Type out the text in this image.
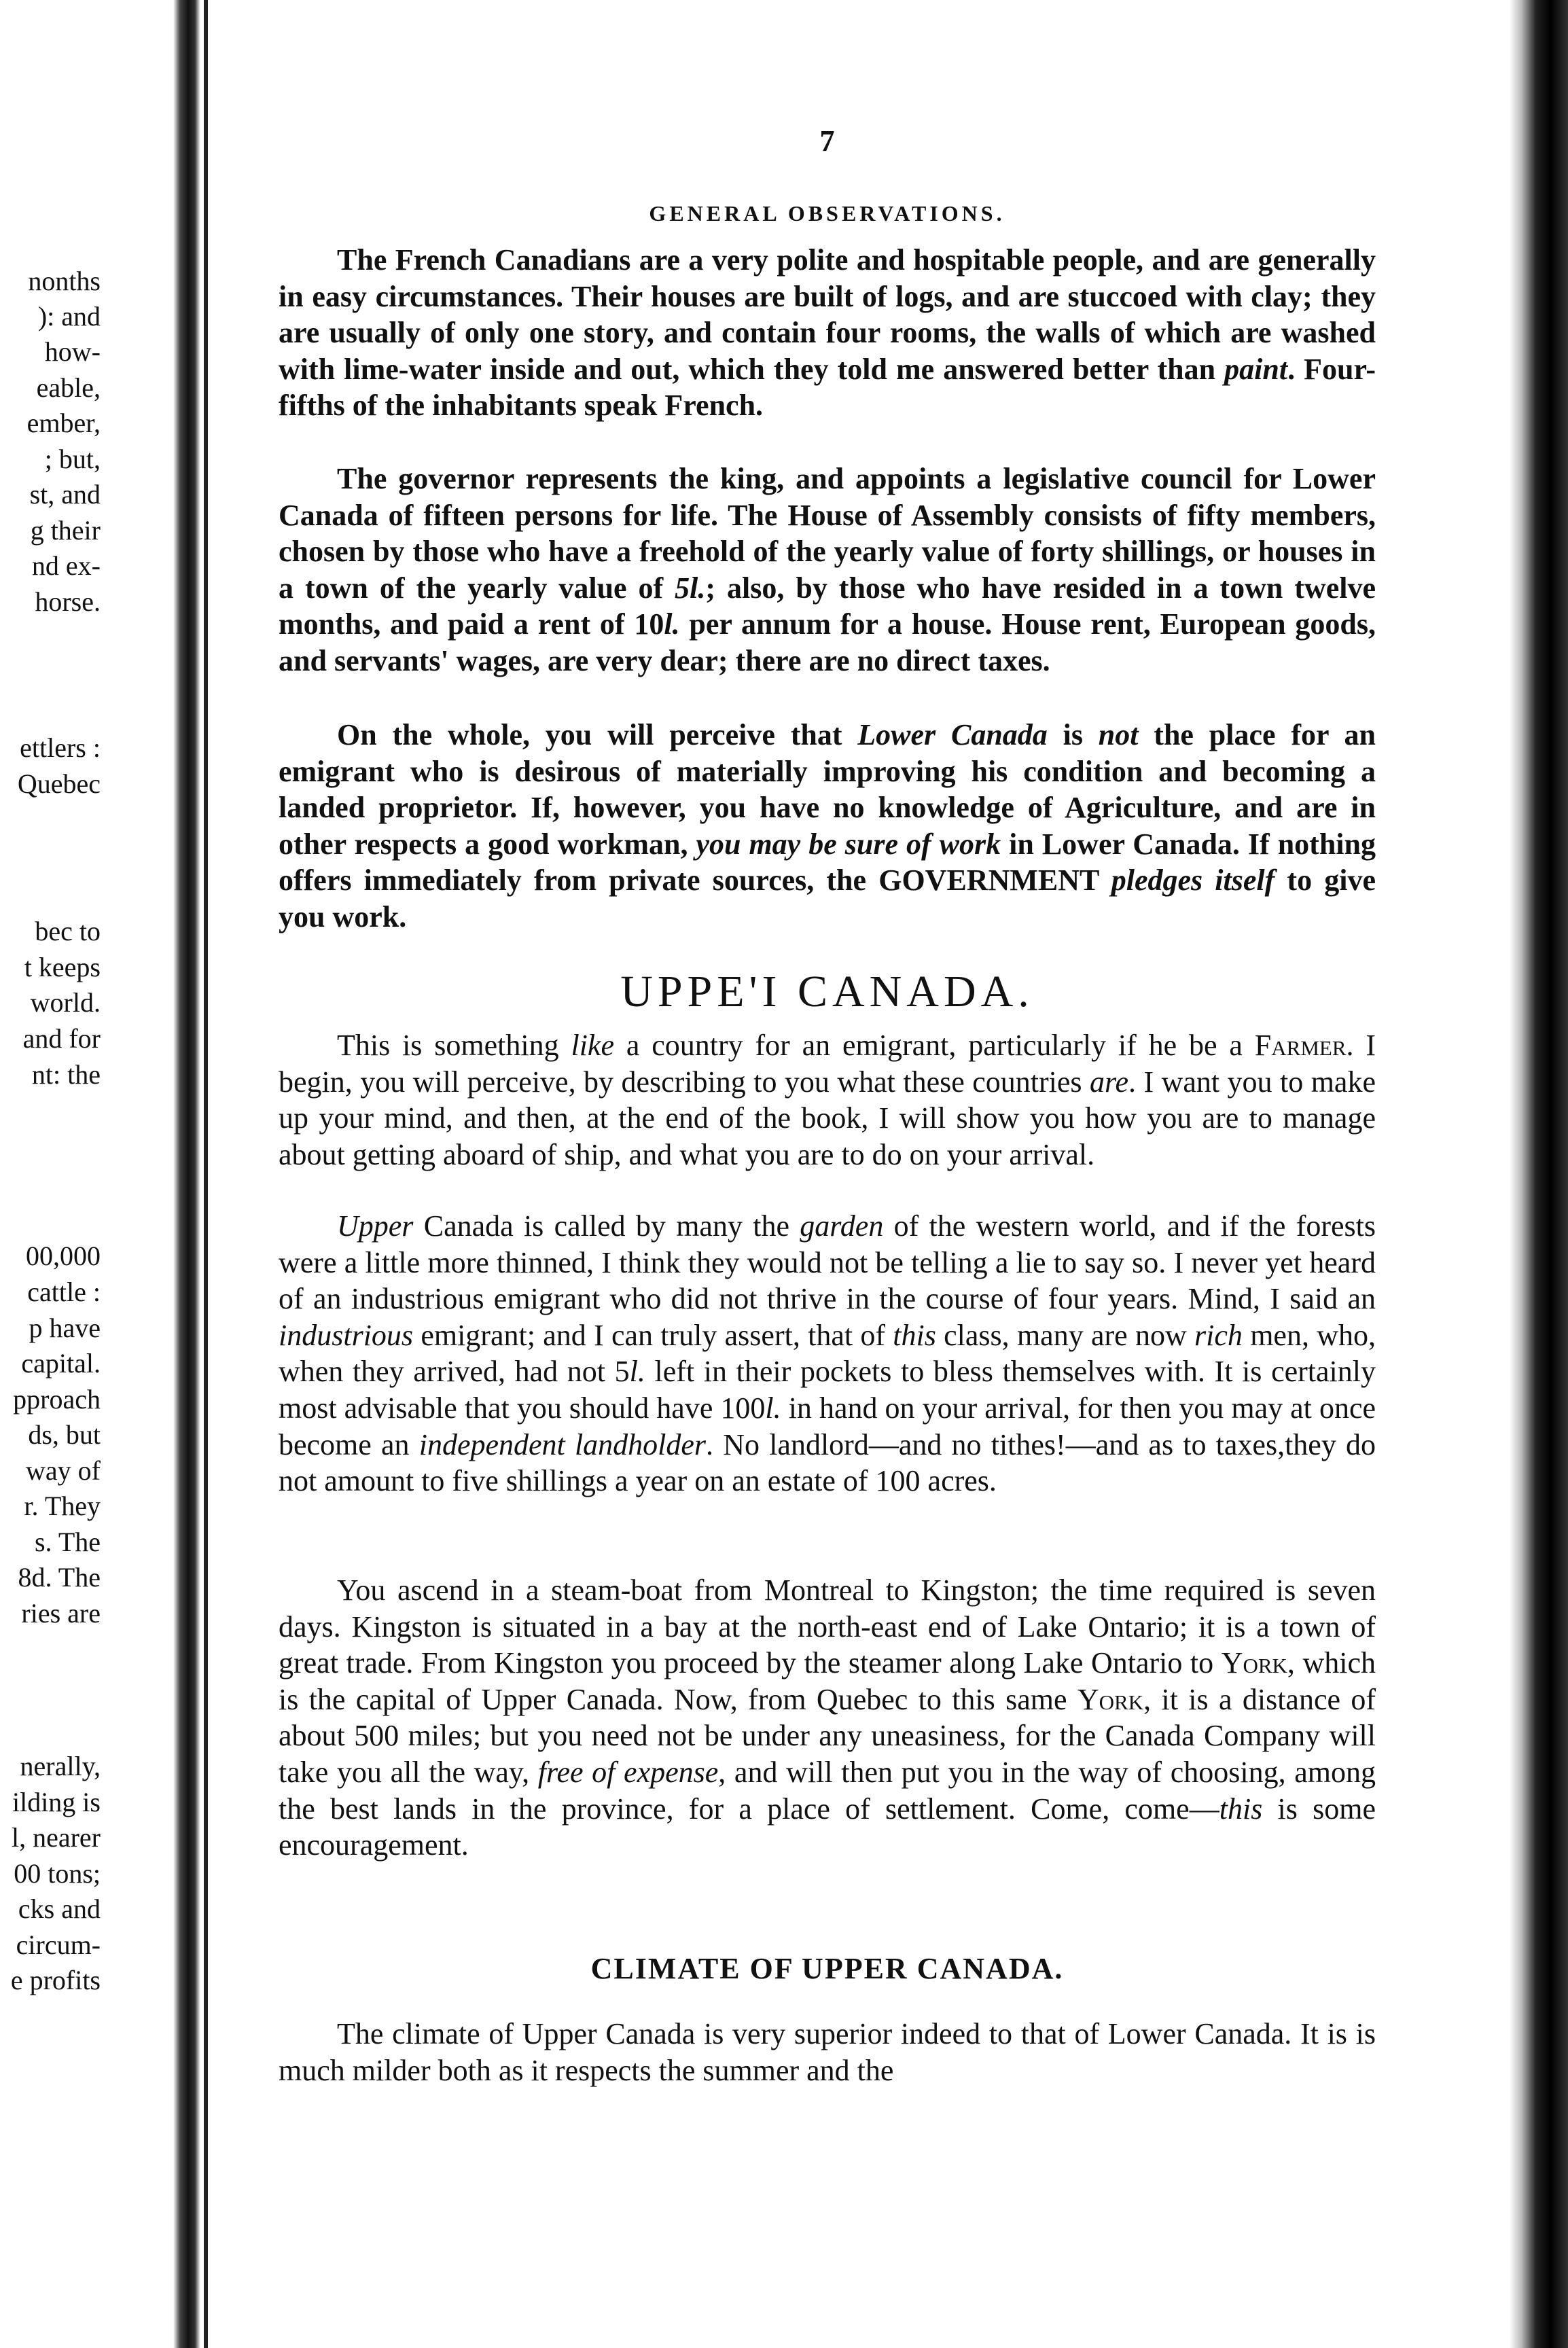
nonths
): and
how-
eable,
ember,
; but,
st, and
g their
nd ex-
horse.
ettlers :
Quebec
bec to
t keeps
world.
and for
nt: the
00,000
cattle :
p have
capital.
pproach
ds, but
way of
r. They
s. The
8d. The
ries are
nerally,
ilding is
l, nearer
00 tons;
cks and
circum-
e profits
7
GENERAL OBSERVATIONS.

The French Canadians are a very polite and hospitable people, and are generally in easy circumstances. Their houses are built of logs, and are stuccoed with clay; they are usually of only one story, and contain four rooms, the walls of which are washed with lime-water inside and out, which they told me answered better than paint. Four-fifths of the inhabitants speak French.

The governor represents the king, and appoints a legislative council for Lower Canada of fifteen persons for life. The House of Assembly consists of fifty members, chosen by those who have a freehold of the yearly value of forty shillings, or houses in a town of the yearly value of 5l.; also, by those who have resided in a town twelve months, and paid a rent of 10l. per annum for a house. House rent, European goods, and servants' wages, are very dear; there are no direct taxes.

On the whole, you will perceive that Lower Canada is not the place for an emigrant who is desirous of materially improving his condition and becoming a landed proprietor. If, however, you have no knowledge of Agriculture, and are in other respects a good workman, you may be sure of work in Lower Canada. If nothing offers immediately from private sources, the GOVERNMENT pledges itself to give you work.

UPPE'I CANADA.

This is something like a country for an emigrant, particularly if he be a Farmer. I begin, you will perceive, by describing to you what these countries are. I want you to make up your mind, and then, at the end of the book, I will show you how you are to manage about getting aboard of ship, and what you are to do on your arrival.

Upper Canada is called by many the garden of the western world, and if the forests were a little more thinned, I think they would not be telling a lie to say so. I never yet heard of an industrious emigrant who did not thrive in the course of four years. Mind, I said an industrious emigrant; and I can truly assert, that of this class, many are now rich men, who, when they arrived, had not 5l. left in their pockets to bless themselves with. It is certainly most advisable that you should have 100l. in hand on your arrival, for then you may at once become an independent landholder. No landlord—and no tithes!—and as to taxes,they do not amount to five shillings a year on an estate of 100 acres.

You ascend in a steam-boat from Montreal to Kingston; the time required is seven days. Kingston is situated in a bay at the north-east end of Lake Ontario; it is a town of great trade. From Kingston you proceed by the steamer along Lake Ontario to York, which is the capital of Upper Canada. Now, from Quebec to this same York, it is a distance of about 500 miles; but you need not be under any uneasiness, for the Canada Company will take you all the way, free of expense, and will then put you in the way of choosing, among the best lands in the province, for a place of settlement. Come, come—this is some encouragement.

CLIMATE OF UPPER CANADA.

The climate of Upper Canada is very superior indeed to that of Lower Canada. It is is much milder both as it respects the summer and the
